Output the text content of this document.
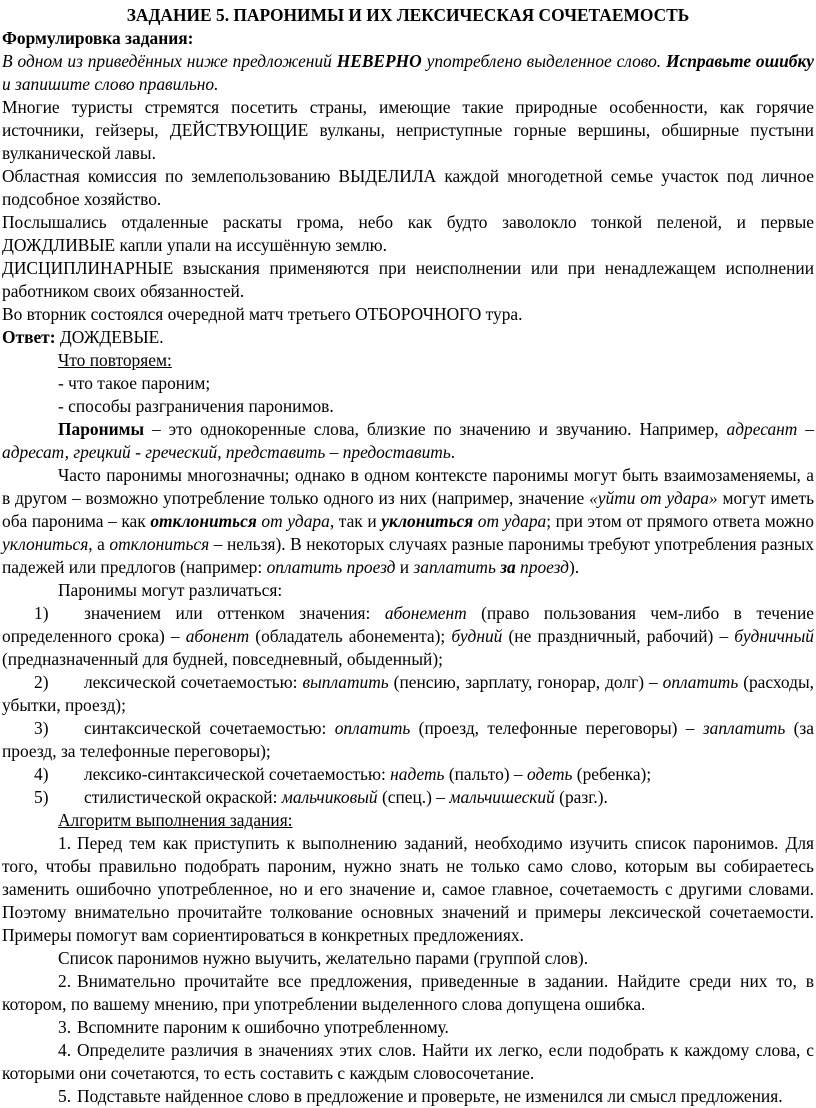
ЗАДАНИЕ 5. ПАРОНИМЫ И ИХ ЛЕКСИЧЕСКАЯ СОЧЕТАЕМОСТЬ

Формулировка задания:

В одном из приведённых ниже предложений НЕВЕРНО употреблено выделенное слово. Исправьте ошибку и запишите слово правильно.

Многие туристы стремятся посетить страны, имеющие такие природные особенности, как горячие источники, гейзеры, ДЕЙСТВУЮЩИЕ вулканы, неприступные горные вершины, обширные пустыни вулканической лавы.

Областная комиссия по землепользованию ВЫДЕЛИЛА каждой многодетной семье участок под личное подсобное хозяйство.

Послышались отдаленные раскаты грома, небо как будто заволокло тонкой пеленой, и первые ДОЖДЛИВЫЕ капли упали на иссушённую землю.

ДИСЦИПЛИНАРНЫЕ взыскания применяются при неисполнении или при ненадлежащем исполнении работником своих обязанностей.

Во вторник состоялся очередной матч третьего ОТБОРОЧНОГО тура.

Ответ: ДОЖДЕВЫЕ.

Что повторяем:

- что такое пароним;

- способы разграничения паронимов.

Паронимы – это однокоренные слова, близкие по значению и звучанию. Например, адресант – адресат, грецкий - греческий, представить – предоставить.

Часто паронимы многозначны; однако в одном контексте паронимы могут быть взаимозаменяемы, а в другом – возможно употребление только одного из них (например, значение «уйти от удара» могут иметь оба паронима – как отклониться от удара, так и уклониться от удара; при этом от прямого ответа можно уклониться, а отклониться – нельзя). В некоторых случаях разные паронимы требуют употребления разных падежей или предлогов (например: оплатить проезд и заплатить за проезд).

Паронимы могут различаться:

1) значением или оттенком значения: абонемент (право пользования чем-либо в течение определенного срока) – абонент (обладатель абонемента); будний (не праздничный, рабочий) – будничный (предназначенный для будней, повседневный, обыденный);

2) лексической сочетаемостью: выплатить (пенсию, зарплату, гонорар, долг) – оплатить (расходы, убытки, проезд);

3) синтаксической сочетаемостью: оплатить (проезд, телефонные переговоры) – заплатить (за проезд, за телефонные переговоры);

4) лексико-синтаксической сочетаемостью: надеть (пальто) – одеть (ребенка);

5) стилистической окраской: мальчиковый (спец.) – мальчишеский (разг.).

Алгоритм выполнения задания:

1. Перед тем как приступить к выполнению заданий, необходимо изучить список паронимов. Для того, чтобы правильно подобрать пароним, нужно знать не только само слово, которым вы собираетесь заменить ошибочно употребленное, но и его значение и, самое главное, сочетаемость с другими словами. Поэтому внимательно прочитайте толкование основных значений и примеры лексической сочетаемости. Примеры помогут вам сориентироваться в конкретных предложениях.

Список паронимов нужно выучить, желательно парами (группой слов).

2. Внимательно прочитайте все предложения, приведенные в задании. Найдите среди них то, в котором, по вашему мнению, при употреблении выделенного слова допущена ошибка.

3. Вспомните пароним к ошибочно употребленному.

4. Определите различия в значениях этих слов. Найти их легко, если подобрать к каждому слова, с которыми они сочетаются, то есть составить с каждым словосочетание.

5. Подставьте найденное слово в предложение и проверьте, не изменился ли смысл предложения.
